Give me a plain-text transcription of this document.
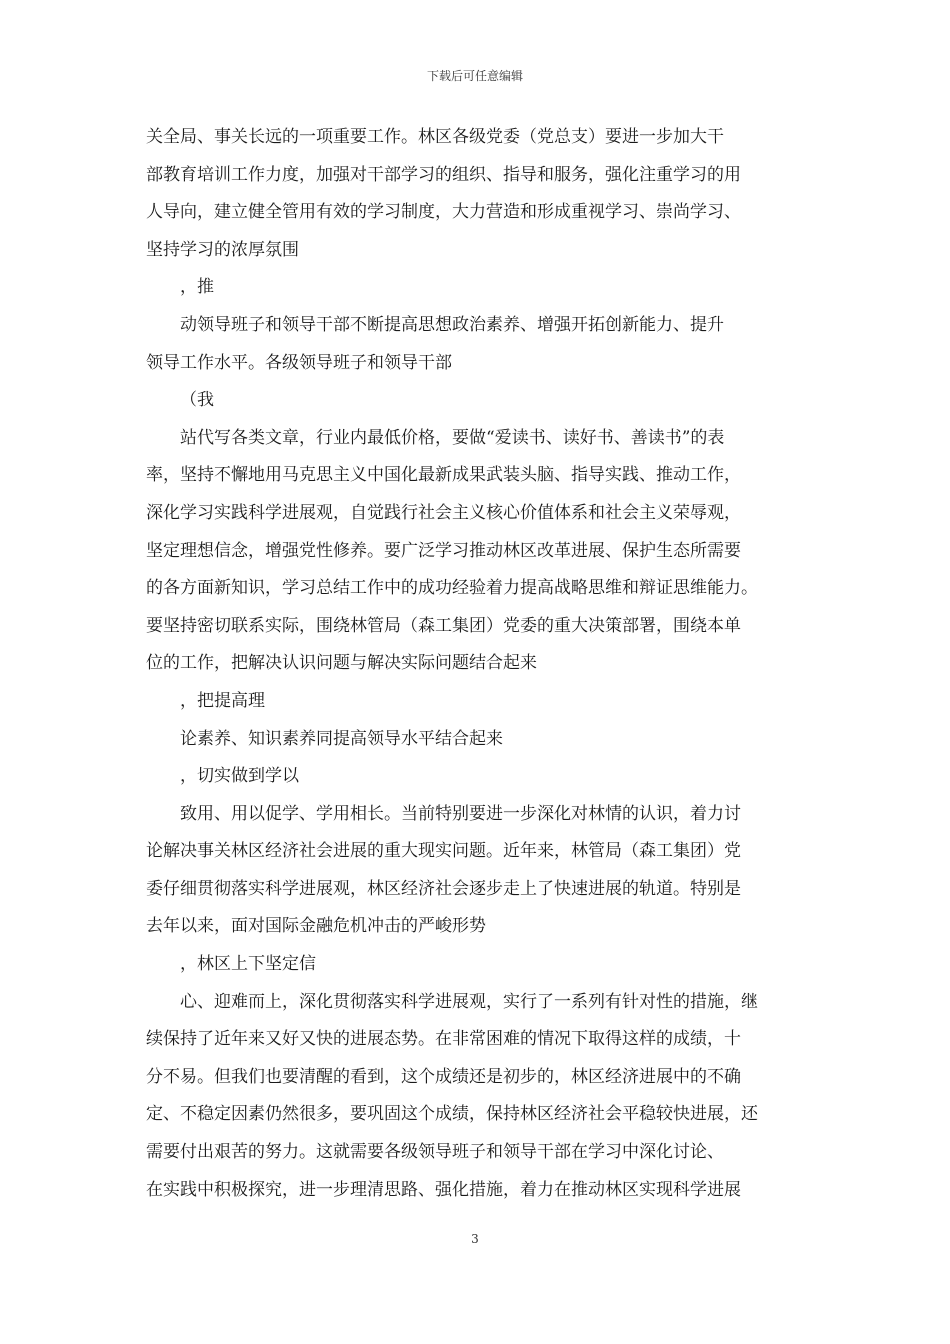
下载后可任意编辑

关全局、事关长远的一项重要工作。林区各级党委（党总支）要进一步加大干

部教育培训工作力度，加强对干部学习的组织、指导和服务，强化注重学习的用

人导向，建立健全管用有效的学习制度，大力营造和形成重视学习、崇尚学习、

坚持学习的浓厚氛围

，推

动领导班子和领导干部不断提高思想政治素养、增强开拓创新能力、提升

领导工作水平。各级领导班子和领导干部

（我

站代写各类文章，行业内最低价格，要做“爱读书、读好书、善读书”的表

率，坚持不懈地用马克思主义中国化最新成果武装头脑、指导实践、推动工作，

深化学习实践科学进展观，自觉践行社会主义核心价值体系和社会主义荣辱观，

坚定理想信念，增强党性修养。要广泛学习推动林区改革进展、保护生态所需要

的各方面新知识，学习总结工作中的成功经验着力提高战略思维和辩证思维能力。

要坚持密切联系实际，围绕林管局（森工集团）党委的重大决策部署，围绕本单

位的工作，把解决认识问题与解决实际问题结合起来

，把提高理

论素养、知识素养同提高领导水平结合起来

，切实做到学以

致用、用以促学、学用相长。当前特别要进一步深化对林情的认识，着力讨

论解决事关林区经济社会进展的重大现实问题。近年来，林管局（森工集团）党

委仔细贯彻落实科学进展观，林区经济社会逐步走上了快速进展的轨道。特别是

去年以来，面对国际金融危机冲击的严峻形势

，林区上下坚定信

心、迎难而上，深化贯彻落实科学进展观，实行了一系列有针对性的措施，继

续保持了近年来又好又快的进展态势。在非常困难的情况下取得这样的成绩，十

分不易。但我们也要清醒的看到，这个成绩还是初步的，林区经济进展中的不确

定、不稳定因素仍然很多，要巩固这个成绩，保持林区经济社会平稳较快进展，还

需要付出艰苦的努力。这就需要各级领导班子和领导干部在学习中深化讨论、

在实践中积极探究，进一步理清思路、强化措施，着力在推动林区实现科学进展

3
